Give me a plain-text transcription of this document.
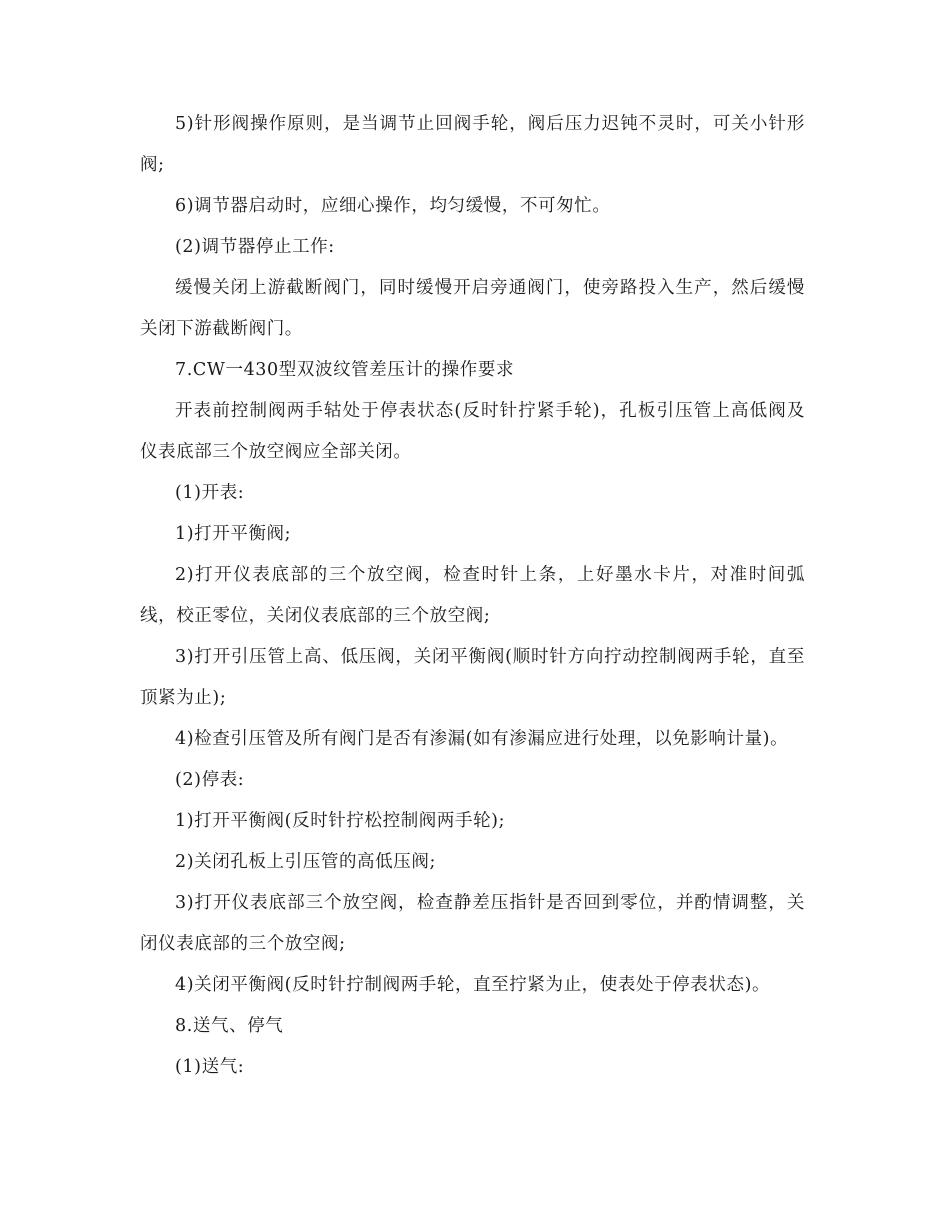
5)针形阀操作原则，是当调节止回阀手轮，阀后压力迟钝不灵时，可关小针形阀;

6)调节器启动时，应细心操作，均匀缓慢，不可匆忙。

(2)调节器停止工作:

缓慢关闭上游截断阀门，同时缓慢开启旁通阀门，使旁路投入生产，然后缓慢关闭下游截断阀门。

7.CW一430型双波纹管差压计的操作要求

开表前控制阀两手轱处于停表状态(反时针拧紧手轮)，孔板引压管上高低阀及仪表底部三个放空阀应全部关闭。

(1)开表:

1)打开平衡阀;

2)打开仪表底部的三个放空阀，检查时针上条，上好墨水卡片，对准时间弧线，校正零位，关闭仪表底部的三个放空阀;

3)打开引压管上高、低压阀，关闭平衡阀(顺时针方向拧动控制阀两手轮，直至顶紧为止);

4)检查引压管及所有阀门是否有渗漏(如有渗漏应进行处理，以免影响计量)。

(2)停表:

1)打开平衡阀(反时针拧松控制阀两手轮);

2)关闭孔板上引压管的高低压阀;

3)打开仪表底部三个放空阀，检查静差压指针是否回到零位，并酌情调整，关闭仪表底部的三个放空阀;

4)关闭平衡阀(反时针拧制阀两手轮，直至拧紧为止，使表处于停表状态)。

8.送气、停气

(1)送气:
